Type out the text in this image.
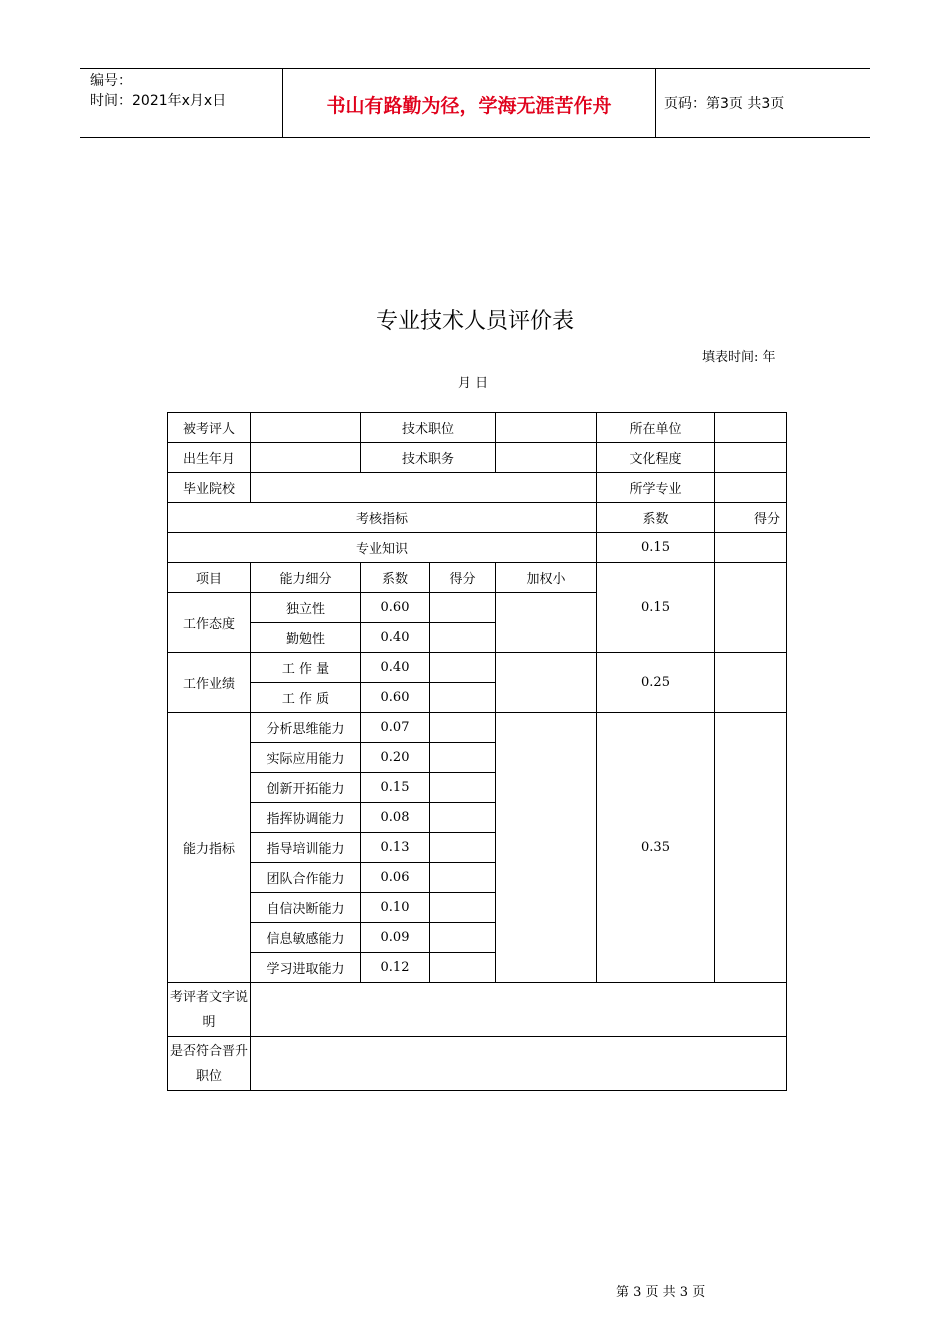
编号：
时间：2021年x月x日	书山有路勤为径，学海无涯苦作舟	页码：第3页 共3页
专业技术人员评价表
填表时间: 年
月 日
被考评人		技术职位			所在单位	
出生年月		技术职务			文化程度	
毕业院校					所学专业	
考核指标					系数	得分
专业知识					0.15	
项目	能力细分	系数	得分	加权小	0.15	
工作态度	独立性	0.60				
	勤勉性	0.40				
工作业绩	工 作 量	0.40			0.25	
	工 作 质	0.60				
能力指标	分析思维能力	0.07			0.35	
	实际应用能力	0.20				
	创新开拓能力	0.15				
	指挥协调能力	0.08				
	指导培训能力	0.13				
	团队合作能力	0.06				
	自信决断能力	0.10				
	信息敏感能力	0.09				
	学习进取能力	0.12				
考评者文字说明						
是否符合晋升职位						
第 3 页 共 3 页
